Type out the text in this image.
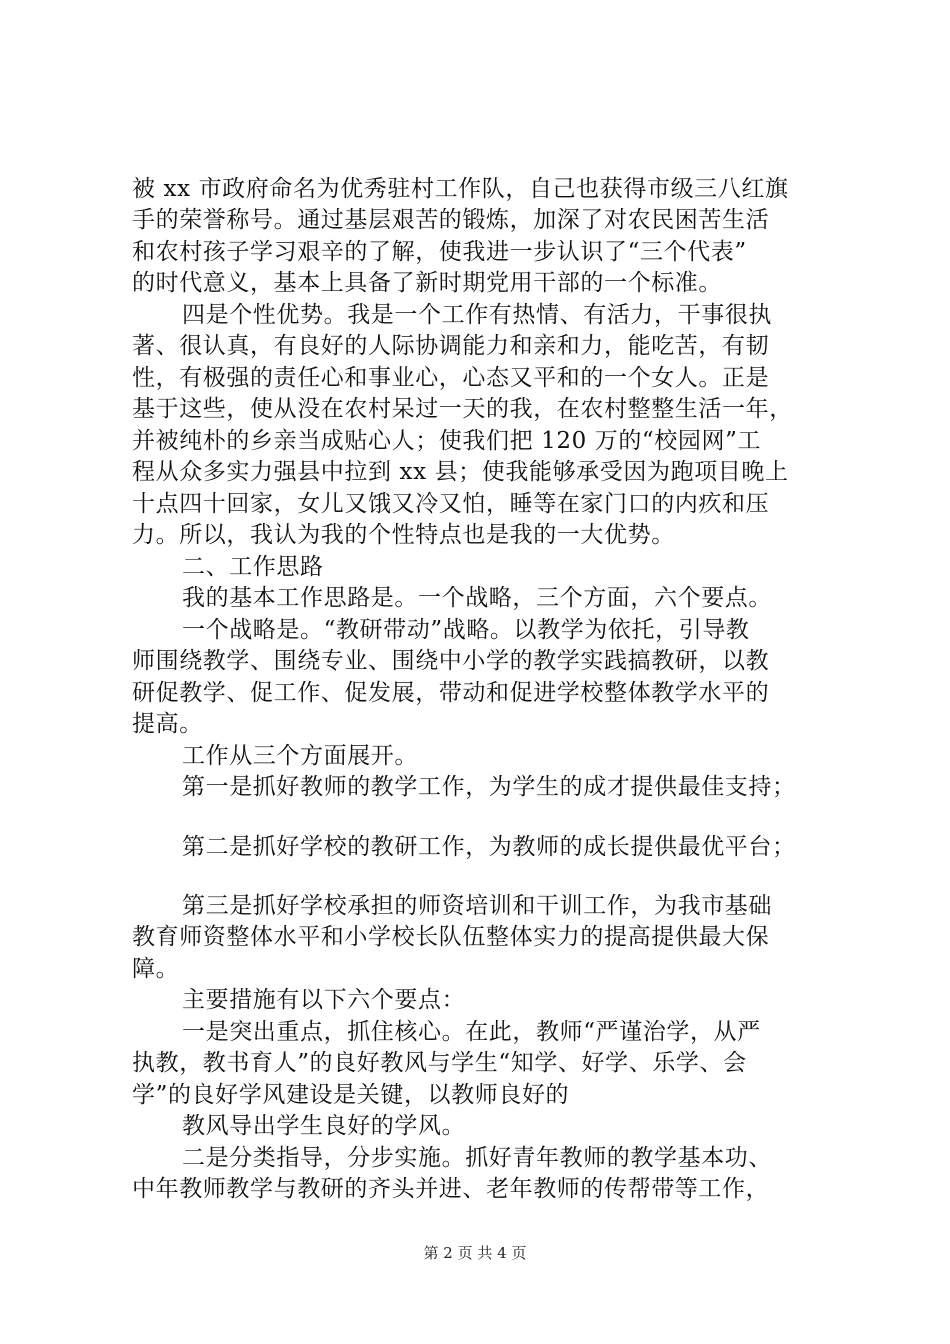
被 xx 市政府命名为优秀驻村工作队，自己也获得市级三八红旗
手的荣誉称号。通过基层艰苦的锻炼，加深了对农民困苦生活
和农村孩子学习艰辛的了解，使我进一步认识了“三个代表”
的时代意义，基本上具备了新时期党用干部的一个标准。
四是个性优势。我是一个工作有热情、有活力，干事很执
著、很认真，有良好的人际协调能力和亲和力，能吃苦，有韧
性，有极强的责任心和事业心，心态又平和的一个女人。正是
基于这些，使从没在农村呆过一天的我，在农村整整生活一年，
并被纯朴的乡亲当成贴心人；使我们把 120 万的“校园网”工
程从众多实力强县中拉到 xx 县；使我能够承受因为跑项目晚上
十点四十回家，女儿又饿又冷又怕，睡等在家门口的内疚和压
力。所以，我认为我的个性特点也是我的一大优势。
二、工作思路
我的基本工作思路是。一个战略，三个方面，六个要点。
一个战略是。“教研带动”战略。以教学为依托，引导教
师围绕教学、围绕专业、围绕中小学的教学实践搞教研，以教
研促教学、促工作、促发展，带动和促进学校整体教学水平的
提高。
工作从三个方面展开。
第一是抓好教师的教学工作，为学生的成才提供最佳支持；
第二是抓好学校的教研工作，为教师的成长提供最优平台；
第三是抓好学校承担的师资培训和干训工作，为我市基础
教育师资整体水平和小学校长队伍整体实力的提高提供最大保
障。
主要措施有以下六个要点：
一是突出重点，抓住核心。在此，教师“严谨治学，从严
执教，教书育人”的良好教风与学生“知学、好学、乐学、会
学”的良好学风建设是关键，以教师良好的
教风导出学生良好的学风。
二是分类指导，分步实施。抓好青年教师的教学基本功、
中年教师教学与教研的齐头并进、老年教师的传帮带等工作，
第 2 页 共 4 页
